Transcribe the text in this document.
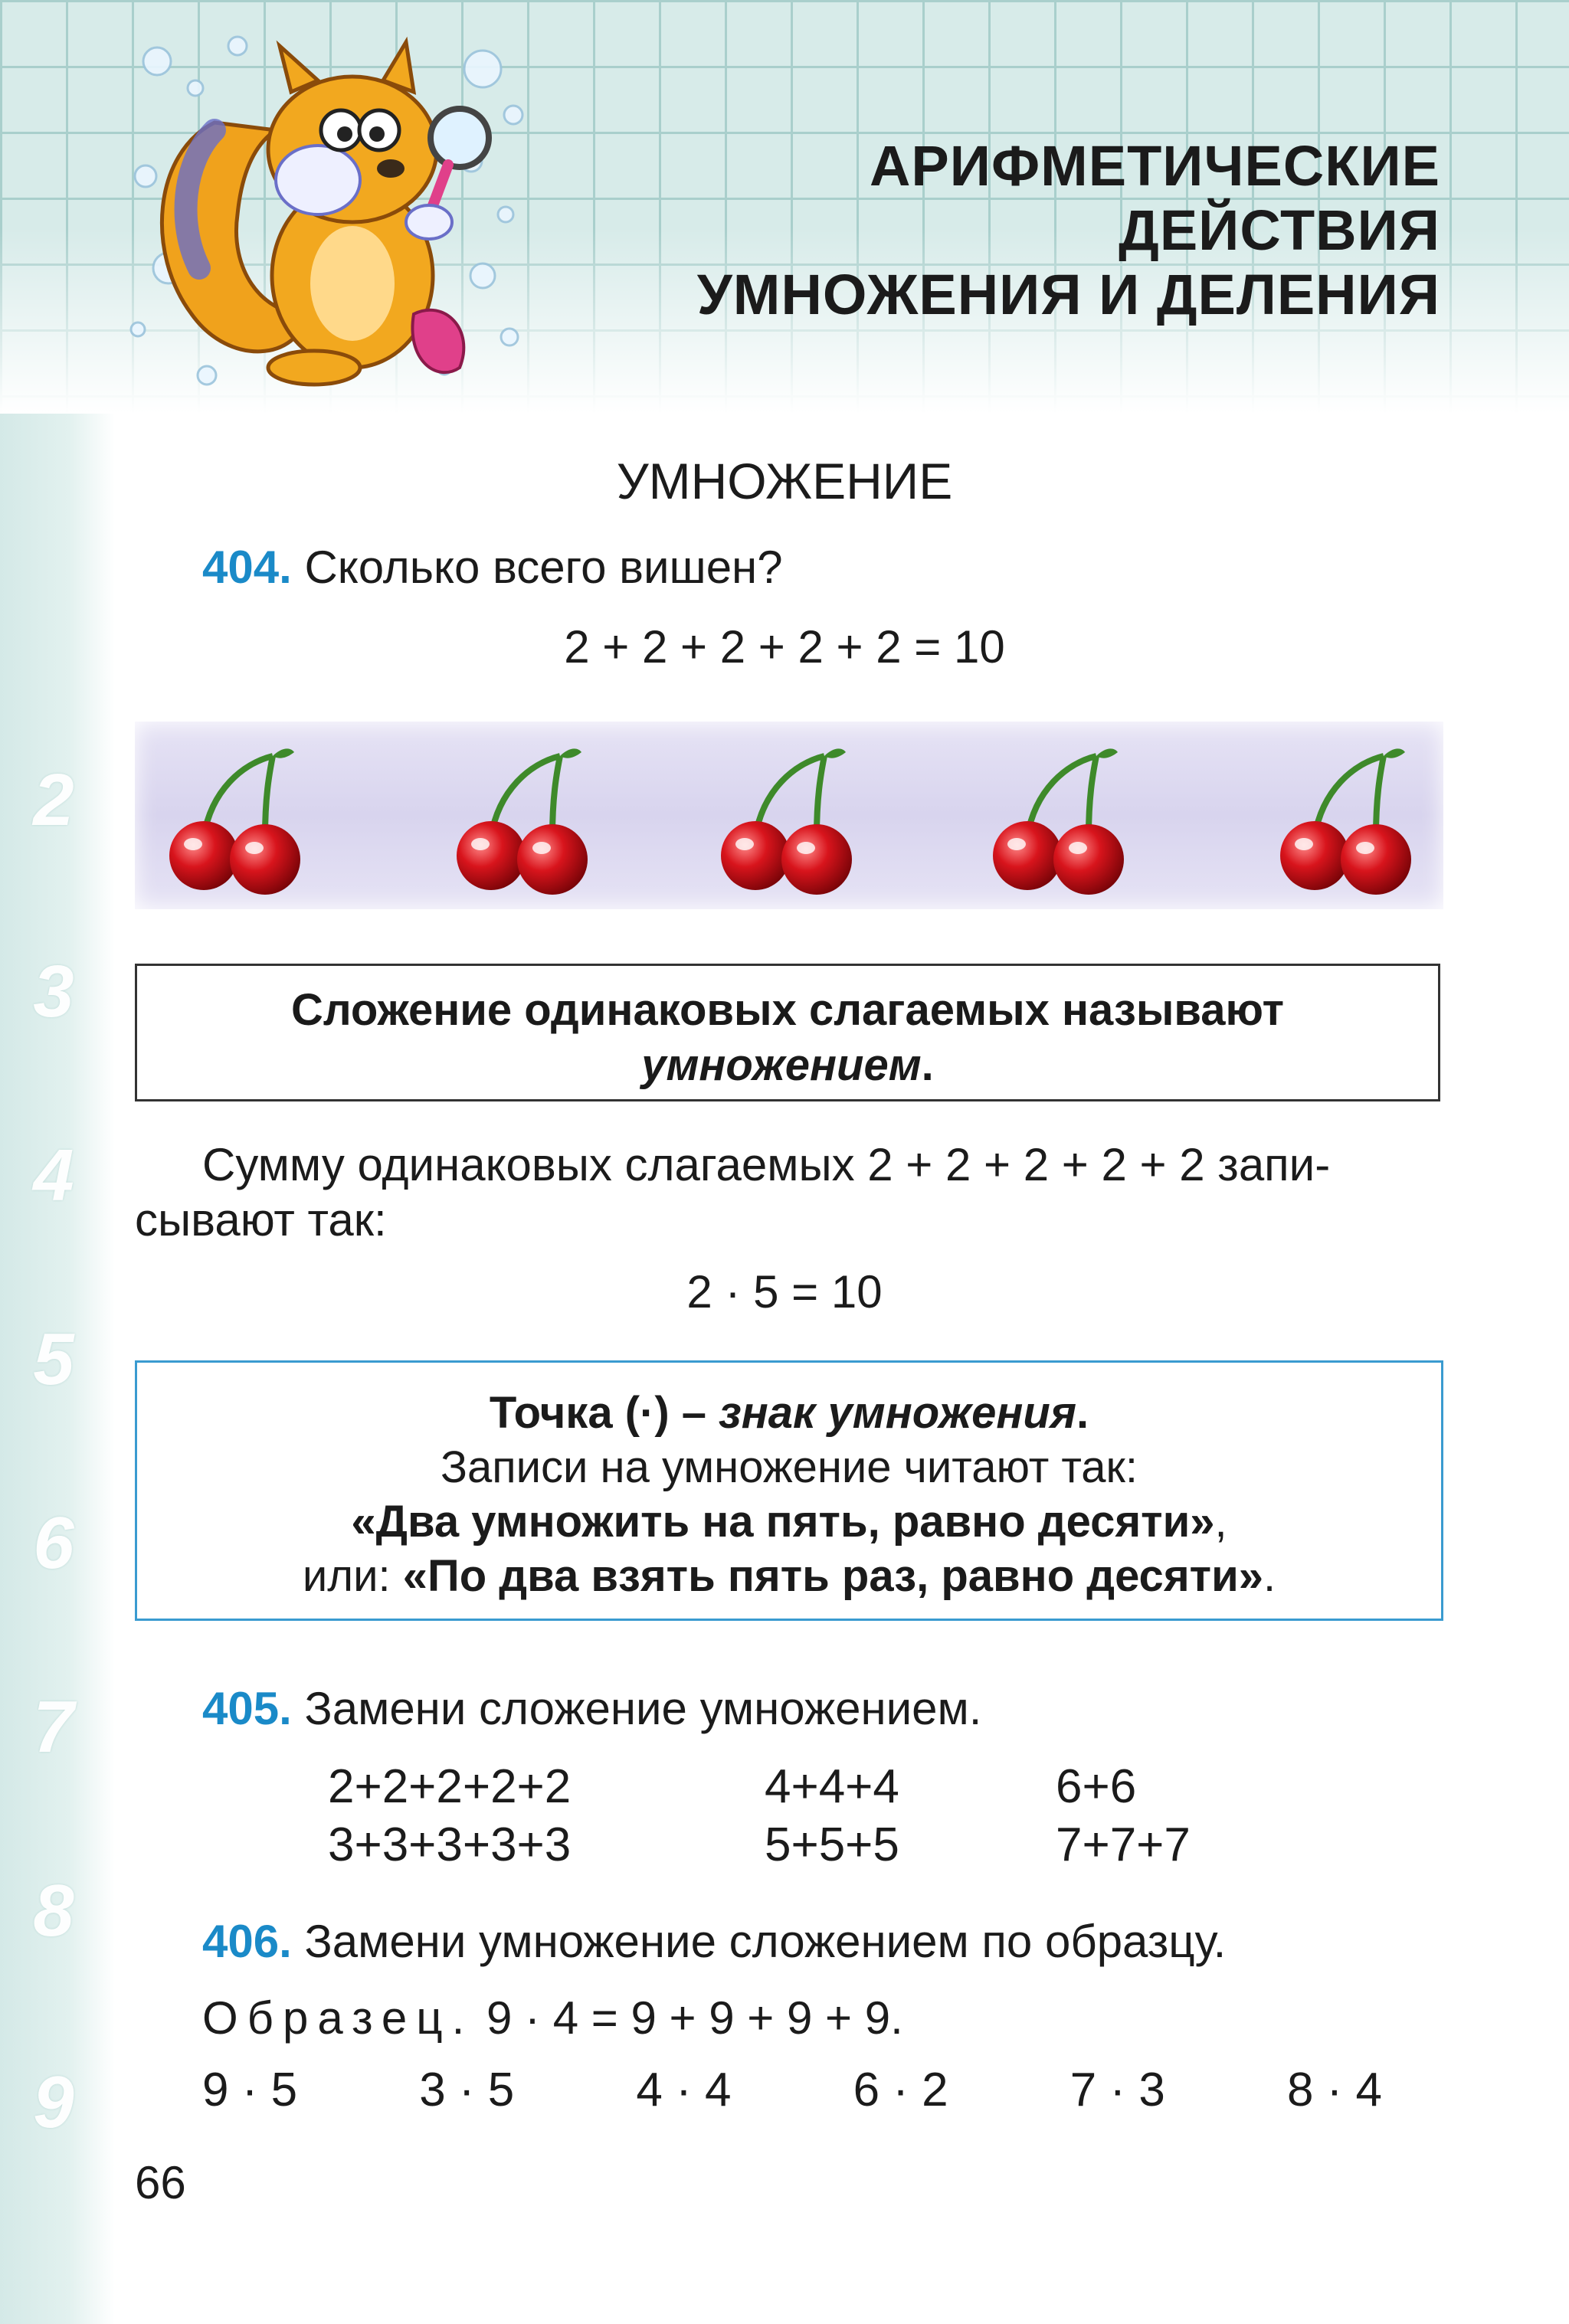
2
3
4
5
6
7
8
9
АРИФМЕТИЧЕСКИЕ ДЕЙСТВИЯ
УМНОЖЕНИЯ И ДЕЛЕНИЯ
УМНОЖЕНИЕ
404. Сколько всего вишен?
2 + 2 + 2 + 2 + 2 = 10
Сложение одинаковых слагаемых называют
умножением.
Сумму одинаковых слагаемых 2 + 2 + 2 + 2 + 2 запи-
сывают так:
2 · 5 = 10
Точка (·) – знак умножения.
Записи на умножение читают так:
«Два умножить на пять, равно десяти»,
или: «По два взять пять раз, равно десяти».
405. Замени сложение умножением.
2+2+2+2+2	4+4+4	6+6
3+3+3+3+3	5+5+5	7+7+7
406. Замени умножение сложением по образцу.
Образец. 9 · 4 = 9 + 9 + 9 + 9.
9 · 5	3 · 5	4 · 4	6 · 2	7 · 3	8 · 4
66
